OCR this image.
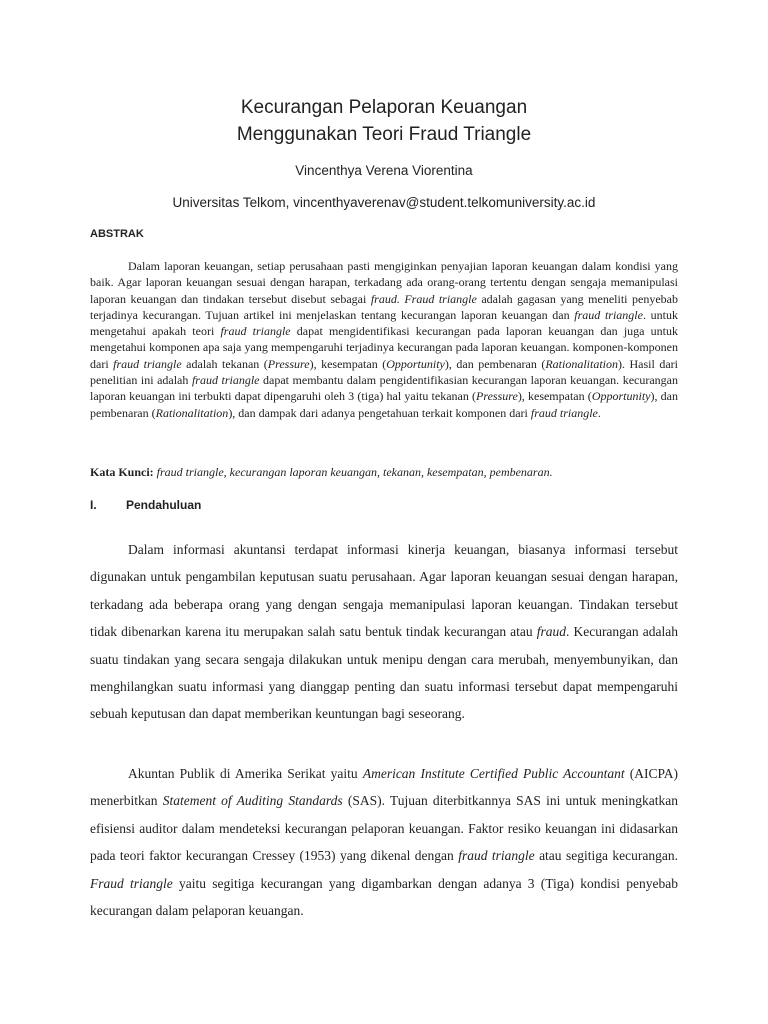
Kecurangan Pelaporan Keuangan
Menggunakan Teori Fraud Triangle
Vincenthya Verena Viorentina
Universitas Telkom, vincenthyaverenav@student.telkomuniversity.ac.id
ABSTRAK

Dalam laporan keuangan, setiap perusahaan pasti mengiginkan penyajian laporan keuangan dalam kondisi yang baik. Agar laporan keuangan sesuai dengan harapan, terkadang ada orang-orang tertentu dengan sengaja memanipulasi laporan keuangan dan tindakan tersebut disebut sebagai fraud. Fraud triangle adalah gagasan yang meneliti penyebab terjadinya kecurangan. Tujuan artikel ini menjelaskan tentang kecurangan laporan keuangan dan fraud triangle. untuk mengetahui apakah teori fraud triangle dapat mengidentifikasi kecurangan pada laporan keuangan dan juga untuk mengetahui komponen apa saja yang mempengaruhi terjadinya kecurangan pada laporan keuangan. komponen-komponen dari fraud triangle adalah tekanan (Pressure), kesempatan (Opportunity), dan pembenaran (Rationalitation). Hasil dari penelitian ini adalah fraud triangle dapat membantu dalam pengidentifikasian kecurangan laporan keuangan. kecurangan laporan keuangan ini terbukti dapat dipengaruhi oleh 3 (tiga) hal yaitu tekanan (Pressure), kesempatan (Opportunity), dan pembenaran (Rationalitation), dan dampak dari adanya pengetahuan terkait komponen dari fraud triangle.

Kata Kunci: fraud triangle, kecurangan laporan keuangan, tekanan, kesempatan, pembenaran.

I. Pendahuluan

Dalam informasi akuntansi terdapat informasi kinerja keuangan, biasanya informasi tersebut digunakan untuk pengambilan keputusan suatu perusahaan. Agar laporan keuangan sesuai dengan harapan, terkadang ada beberapa orang yang dengan sengaja memanipulasi laporan keuangan. Tindakan tersebut tidak dibenarkan karena itu merupakan salah satu bentuk tindak kecurangan atau fraud. Kecurangan adalah suatu tindakan yang secara sengaja dilakukan untuk menipu dengan cara merubah, menyembunyikan, dan menghilangkan suatu informasi yang dianggap penting dan suatu informasi tersebut dapat mempengaruhi sebuah keputusan dan dapat memberikan keuntungan bagi seseorang.

Akuntan Publik di Amerika Serikat yaitu American Institute Certified Public Accountant (AICPA) menerbitkan Statement of Auditing Standards (SAS). Tujuan diterbitkannya SAS ini untuk meningkatkan efisiensi auditor dalam mendeteksi kecurangan pelaporan keuangan. Faktor resiko keuangan ini didasarkan pada teori faktor kecurangan Cressey (1953) yang dikenal dengan fraud triangle atau segitiga kecurangan. Fraud triangle yaitu segitiga kecurangan yang digambarkan dengan adanya 3 (Tiga) kondisi penyebab kecurangan dalam pelaporan keuangan.
